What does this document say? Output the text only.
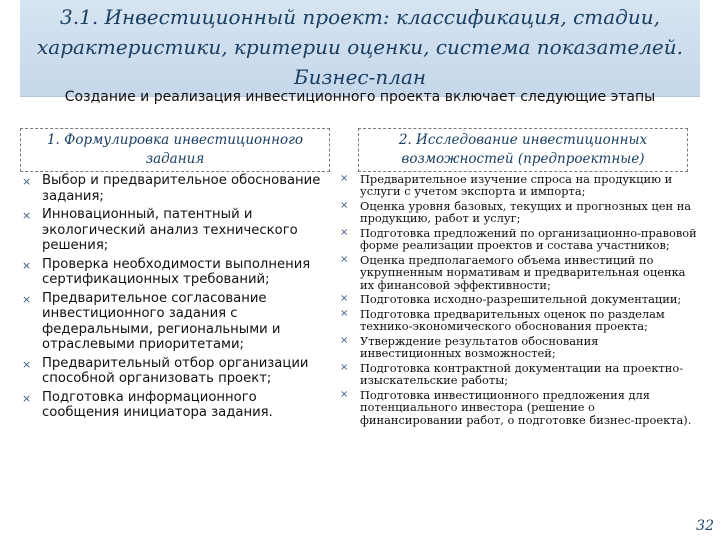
3.1. Инвестиционный проект: классификация, стадии, характеристики, критерии оценки, система показателей. Бизнес-план
Создание и реализация инвестиционного проекта включает следующие этапы
1. Формулировка инвестиционного задания
2. Исследование инвестиционных возможностей (предпроектные)
× Выбор и предварительное обоснование задания;
× Инновационный, патентный и экологический анализ технического решения;
× Проверка необходимости выполнения сертификационных требований;
× Предварительное согласование инвестиционного задания с федеральными, региональными и отраслевыми приоритетами;
× Предварительный отбор организации способной организовать проект;
× Подготовка информационного сообщения инициатора задания.
× Предварительное изучение спроса на продукцию и услуги с учетом экспорта и импорта;
× Оценка уровня базовых, текущих и прогнозных цен на продукцию, работ и услуг;
× Подготовка предложений по организационно-правовой форме реализации проектов и состава участников;
× Оценка предполагаемого объема инвестиций по укрупненным нормативам и предварительная оценка их финансовой эффективности;
× Подготовка исходно-разрешительной документации;
× Подготовка предварительных оценок по разделам технико-экономического обоснования проекта;
× Утверждение результатов обоснования инвестиционных возможностей;
× Подготовка контрактной документации на проектно-изыскательские работы;
× Подготовка инвестиционного предложения для потенциального инвестора (решение о финансировании работ, о подготовке бизнес-проекта).
32
